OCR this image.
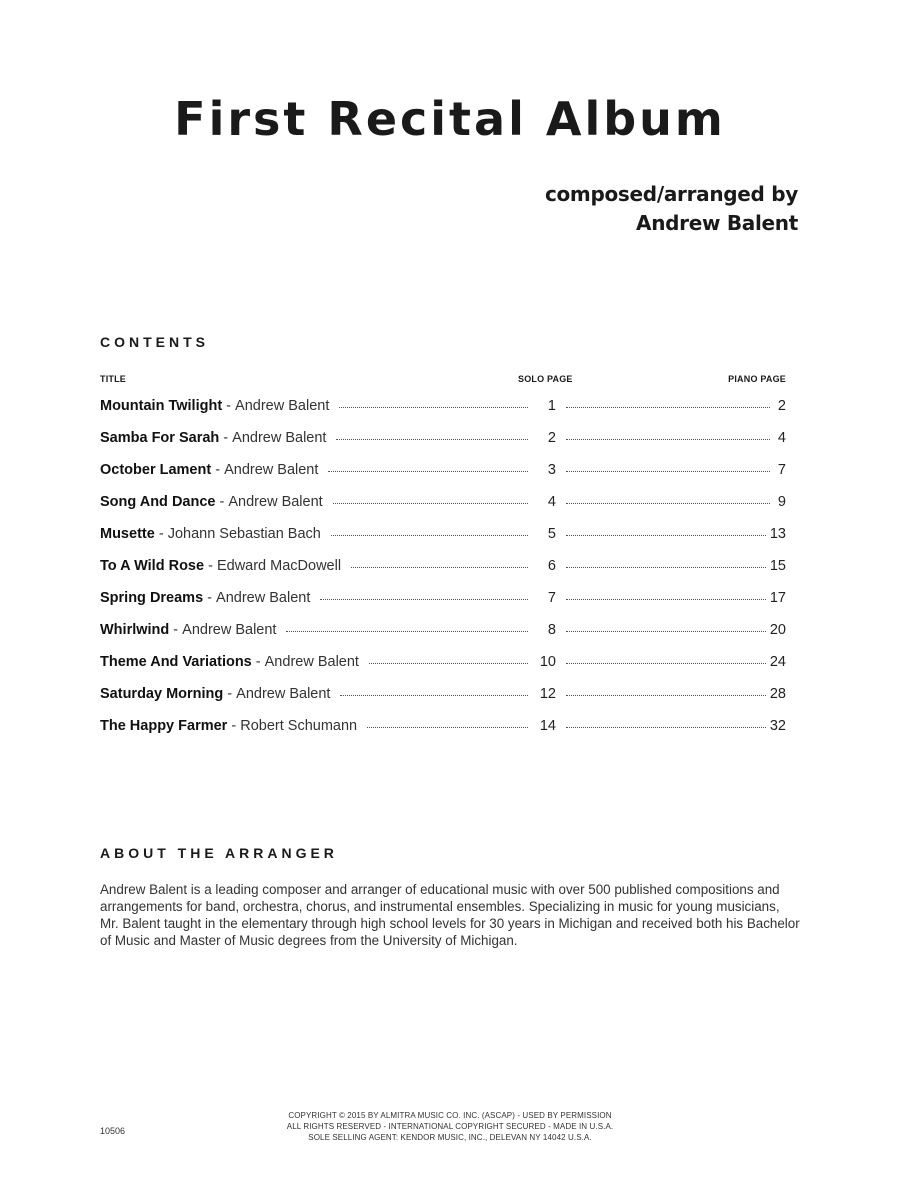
First Recital Album
composed/arranged by
Andrew Balent
CONTENTS
TITLE	SOLO PAGE	PIANO PAGE
Mountain Twilight - Andrew Balent	1	2
Samba For Sarah - Andrew Balent	2	4
October Lament - Andrew Balent	3	7
Song And Dance - Andrew Balent	4	9
Musette - Johann Sebastian Bach	5	13
To A Wild Rose - Edward MacDowell	6	15
Spring Dreams - Andrew Balent	7	17
Whirlwind - Andrew Balent	8	20
Theme And Variations - Andrew Balent	10	24
Saturday Morning - Andrew Balent	12	28
The Happy Farmer - Robert Schumann	14	32
ABOUT THE ARRANGER
Andrew Balent is a leading composer and arranger of educational music with over 500 published compositions and arrangements for band, orchestra, chorus, and instrumental ensembles. Specializing in music for young musicians, Mr. Balent taught in the elementary through high school levels for 30 years in Michigan and received both his Bachelor of Music and Master of Music degrees from the University of Michigan.
10506
COPYRIGHT © 2015 BY ALMITRA MUSIC CO. INC. (ASCAP) - USED BY PERMISSION
ALL RIGHTS RESERVED - INTERNATIONAL COPYRIGHT SECURED - MADE IN U.S.A.
SOLE SELLING AGENT: KENDOR MUSIC, INC., DELEVAN NY 14042 U.S.A.
